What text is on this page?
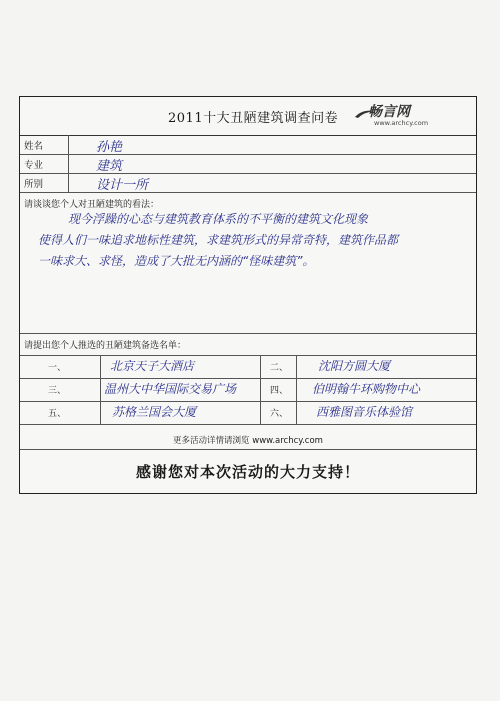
2011十大丑陋建筑调查问卷 畅言网
www.archcy.com
姓名	孙艳
专业	建筑
所别	设计一所
请谈谈您个人对丑陋建筑的看法：
现今浮躁的心态与建筑教育体系的不平衡的建筑文化现象
使得人们一味追求地标性建筑，求建筑形式的异常奇特，建筑作品都
一味求大、求怪，造成了大批无内涵的“怪味建筑”。
请提出您个人推选的丑陋建筑备选名单：
一、	北京天子大酒店	二、 沈阳方圆大厦
三、	温州大中华国际交易广场	四、 伯明翰牛环购物中心
五、	苏格兰国会大厦	六、 西雅图音乐体验馆
更多活动详情请浏览 www.archcy.com
感谢您对本次活动的大力支持！
